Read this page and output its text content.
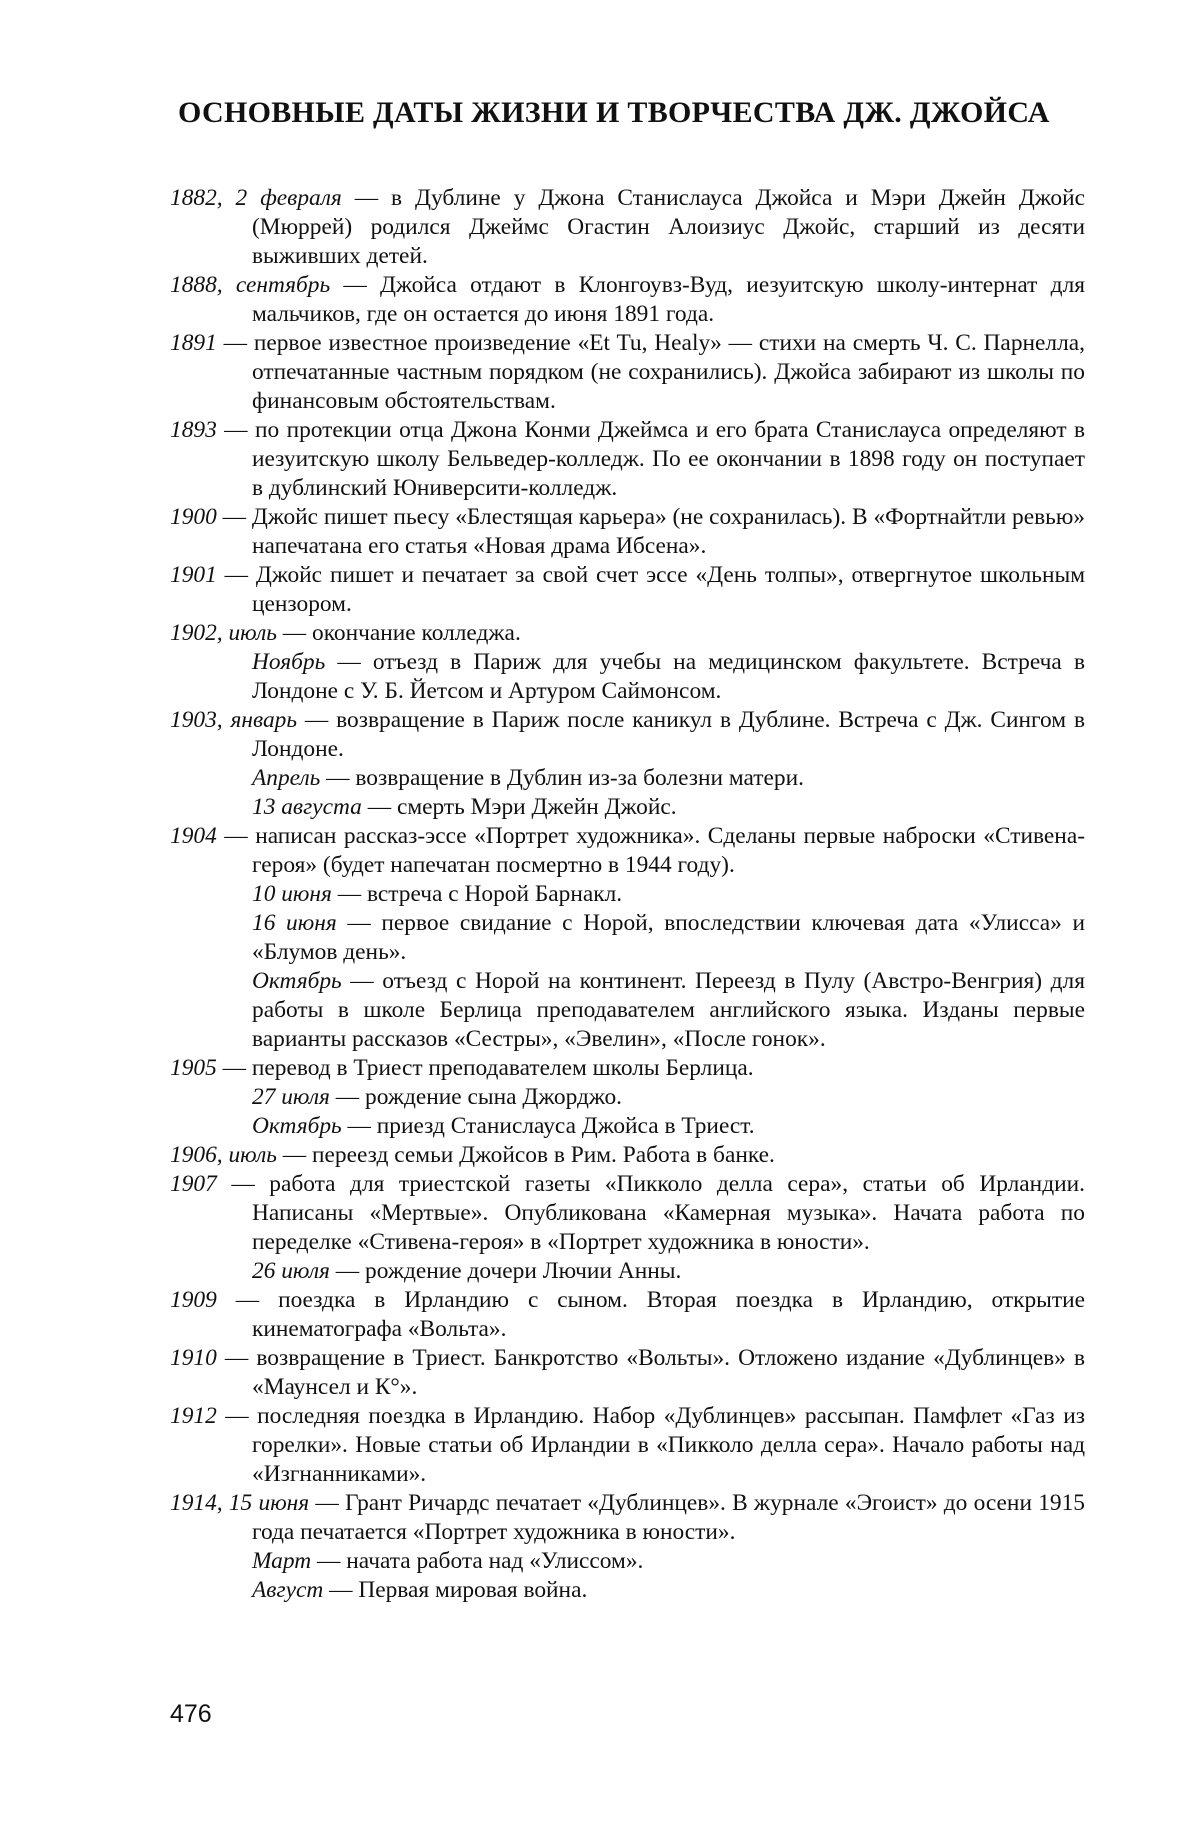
ОСНОВНЫЕ ДАТЫ ЖИЗНИ И ТВОРЧЕСТВА ДЖ. ДЖОЙСА

1882, 2 февраля — в Дублине у Джона Станислауса Джойса и Мэри Джейн Джойс (Мюррей) родился Джеймс Огастин Алоизиус Джойс, старший из десяти выживших детей.

1888, сентябрь — Джойса отдают в Клонгоувз-Вуд, иезуитскую школу-интернат для мальчиков, где он остается до июня 1891 года.

1891 — первое известное произведение «Et Tu, Healy» — стихи на смерть Ч. С. Парнелла, отпечатанные частным порядком (не сохранились). Джойса забирают из школы по финансовым обстоятельствам.

1893 — по протекции отца Джона Конми Джеймса и его брата Станислауса определяют в иезуитскую школу Бельведер-колледж. По ее окончании в 1898 году он поступает в дублинский Юниверсити-колледж.

1900 — Джойс пишет пьесу «Блестящая карьера» (не сохранилась). В «Фортнайтли ревью» напечатана его статья «Новая драма Ибсена».

1901 — Джойс пишет и печатает за свой счет эссе «День толпы», отвергнутое школьным цензором.

1902, июль — окончание колледжа.

Ноябрь — отъезд в Париж для учебы на медицинском факультете. Встреча в Лондоне с У. Б. Йетсом и Артуром Саймонсом.

1903, январь — возвращение в Париж после каникул в Дублине. Встреча с Дж. Сингом в Лондоне.

Апрель — возвращение в Дублин из-за болезни матери.

13 августа — смерть Мэри Джейн Джойс.

1904 — написан рассказ-эссе «Портрет художника». Сделаны первые наброски «Стивена-героя» (будет напечатан посмертно в 1944 году).

10 июня — встреча с Норой Барнакл.

16 июня — первое свидание с Норой, впоследствии ключевая дата «Улисса» и «Блумов день».

Октябрь — отъезд с Норой на континент. Переезд в Пулу (Австро-Венгрия) для работы в школе Берлица преподавателем английского языка. Изданы первые варианты рассказов «Сестры», «Эвелин», «После гонок».

1905 — перевод в Триест преподавателем школы Берлица.

27 июля — рождение сына Джорджо.

Октябрь — приезд Станислауса Джойса в Триест.

1906, июль — переезд семьи Джойсов в Рим. Работа в банке.

1907 — работа для триестской газеты «Пикколо делла сера», статьи об Ирландии. Написаны «Мертвые». Опубликована «Камерная музыка». Начата работа по переделке «Стивена-героя» в «Портрет художника в юности».

26 июля — рождение дочери Лючии Анны.

1909 — поездка в Ирландию с сыном. Вторая поездка в Ирландию, открытие кинематографа «Вольта».

1910 — возвращение в Триест. Банкротство «Вольты». Отложено издание «Дублинцев» в «Маунсел и К°».

1912 — последняя поездка в Ирландию. Набор «Дублинцев» рассыпан. Памфлет «Газ из горелки». Новые статьи об Ирландии в «Пикколо делла сера». Начало работы над «Изгнанниками».

1914, 15 июня — Грант Ричардс печатает «Дублинцев». В журнале «Эгоист» до осени 1915 года печатается «Портрет художника в юности».

Март — начата работа над «Улиссом».

Август — Первая мировая война.

476
